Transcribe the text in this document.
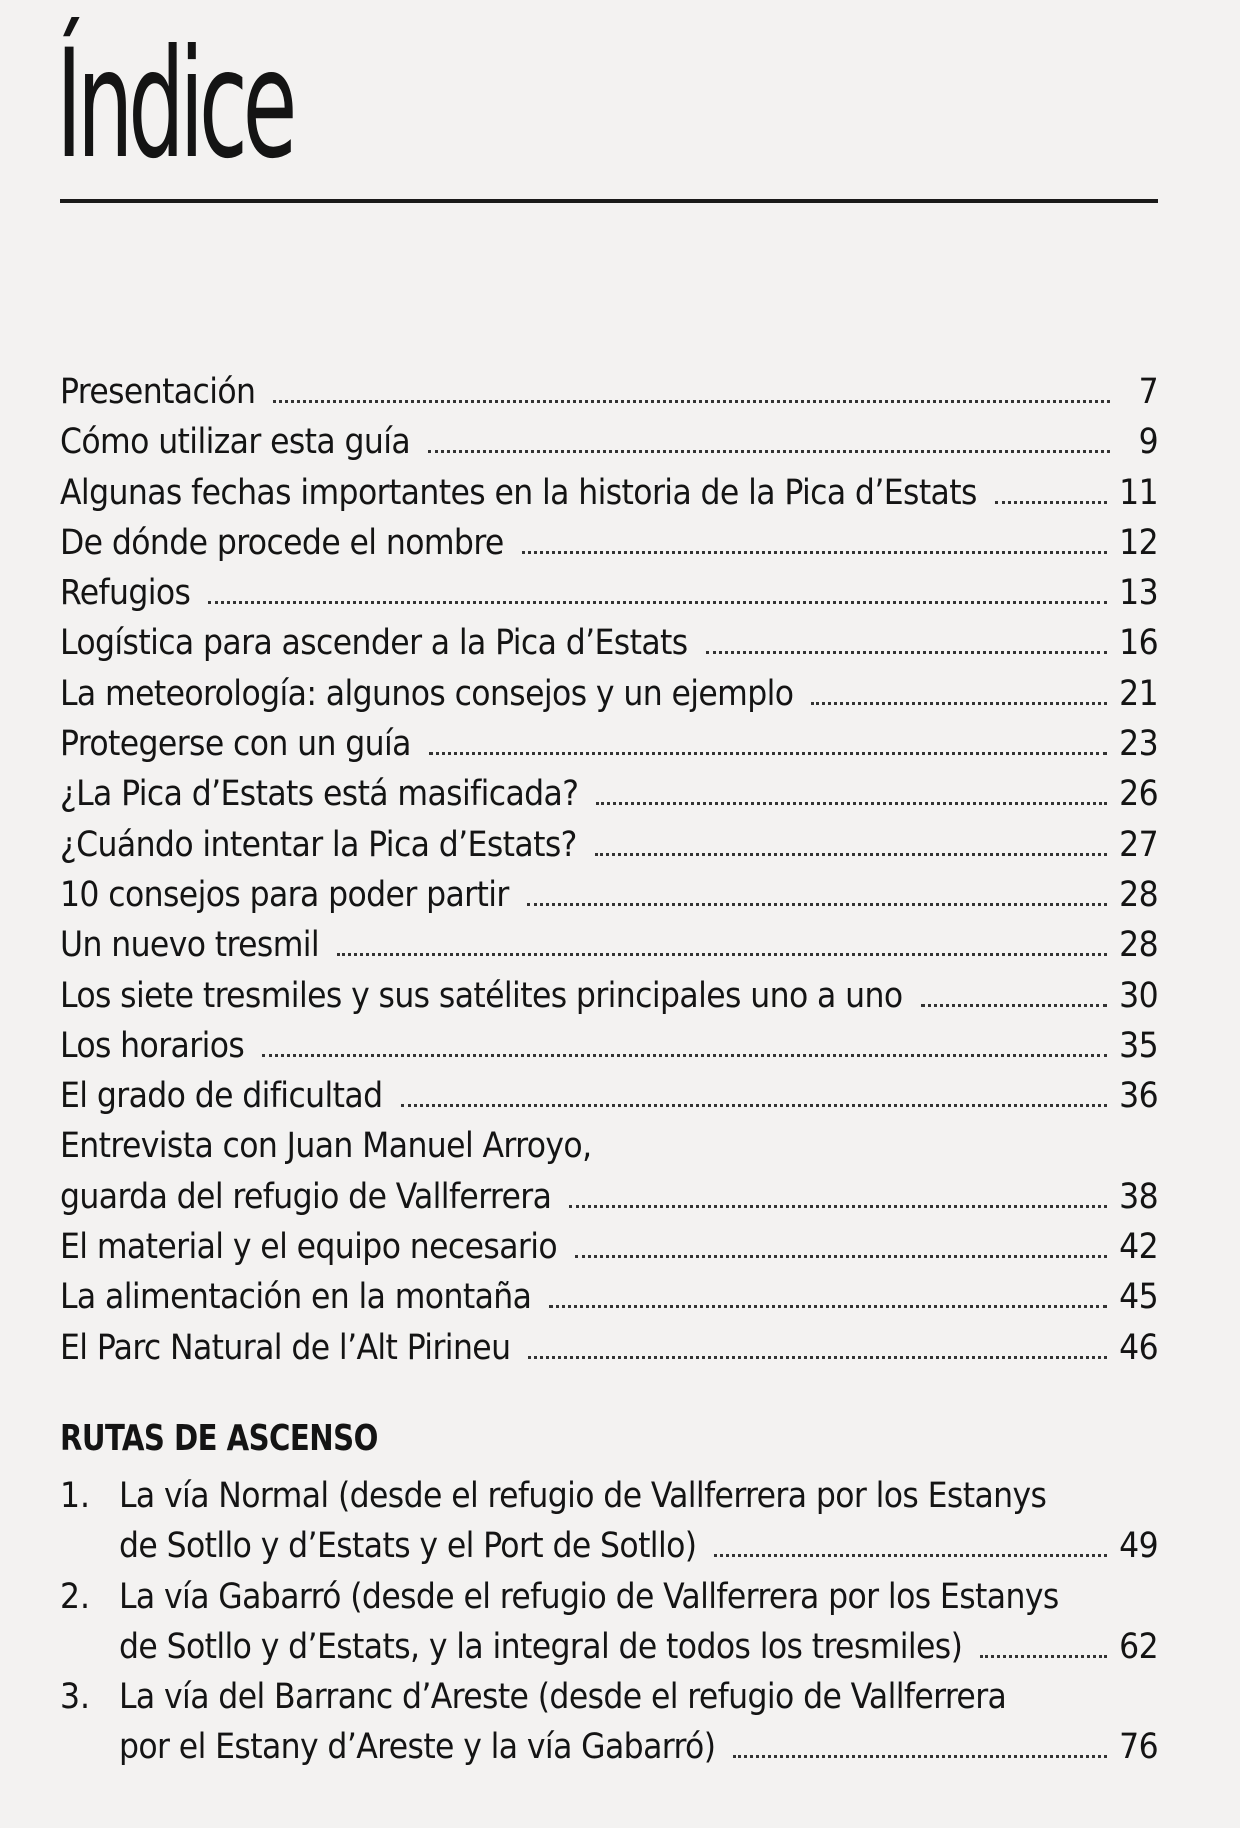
Índice
Presentación	7
Cómo utilizar esta guía	9
Algunas fechas importantes en la historia de la Pica d’Estats	11
De dónde procede el nombre	12
Refugios	13
Logística para ascender a la Pica d’Estats	16
La meteorología: algunos consejos y un ejemplo	21
Protegerse con un guía	23
¿La Pica d’Estats está masificada?	26
¿Cuándo intentar la Pica d’Estats?	27
10 consejos para poder partir	28
Un nuevo tresmil	28
Los siete tresmiles y sus satélites principales uno a uno	30
Los horarios	35
El grado de dificultad	36
Entrevista con Juan Manuel Arroyo,
guarda del refugio de Vallferrera	38
El material y el equipo necesario	42
La alimentación en la montaña	45
El Parc Natural de l’Alt Pirineu	46
RUTAS DE ASCENSO
1. La vía Normal (desde el refugio de Vallferrera por los Estanys
de Sotllo y d’Estats y el Port de Sotllo)	49
2. La vía Gabarró (desde el refugio de Vallferrera por los Estanys
de Sotllo y d’Estats, y la integral de todos los tresmiles)	62
3. La vía del Barranc d’Areste (desde el refugio de Vallferrera
por el Estany d’Areste y la vía Gabarró)	76
